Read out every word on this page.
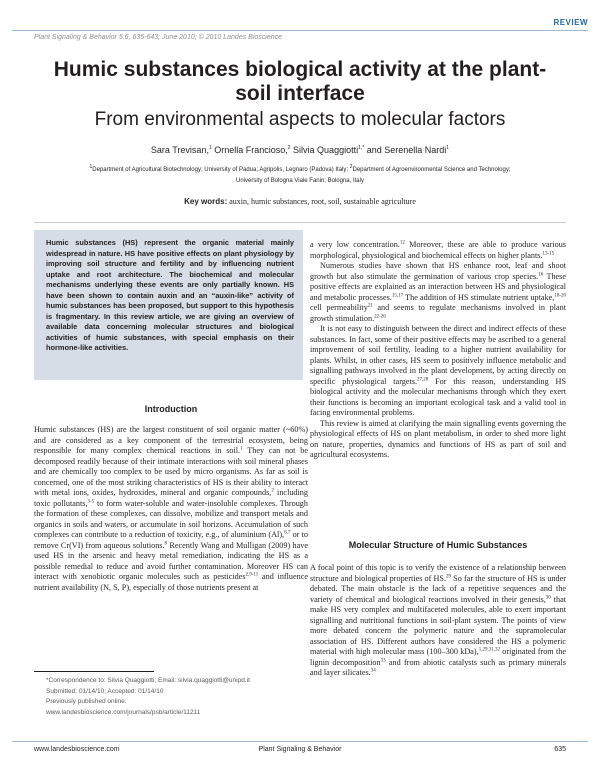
REVIEW
Plant Signaling & Behavior 5:6, 635-643; June 2010; © 2010 Landes Bioscience
Humic substances biological activity at the plant-soil interface
From environmental aspects to molecular factors
Sara Trevisan,$^1$ Ornella Francioso,$^2$ Silvia Quaggiotti$^{1,*}$ and Serenella Nardi$^1$
$^1$Department of Agricultural Biotechnology; University of Padua; Agripolis, Legnaro (Padova) Italy; $^2$Department of Agroenvironmental Science and Technology;
University of Bologna Viale Fanin; Bologna, Italy
Key words: auxin, humic substances, root, soil, sustainable agriculture
Humic substances (HS) represent the organic material mainly widespread in nature. HS have positive effects on plant physiology by improving soil structure and fertility and by influencing nutrient uptake and root architecture. The biochemical and molecular mechanisms underlying these events are only partially known. HS have been shown to contain auxin and an “auxin-like” activity of humic substances has been proposed, but support to this hypothesis is fragmentary. In this review article, we are giving an overview of available data concerning molecular structures and biological activities of humic substances, with special emphasis on their hormone-like activities.
Introduction

Humic substances (HS) are the largest constituent of soil organic matter (~60%) and are considered as a key component of the terrestrial ecosystem, being responsible for many complex chemical reactions in soil.$^1$ They can not be decomposed readily because of their intimate interactions with soil mineral phases and are chemically too complex to be used by micro organisms. As far as soil is concerned, one of the most striking characteristics of HS is their ability to interact with metal ions, oxides, hydroxides, mineral and organic compounds,$^2$ including toxic pollutants,$^{3-5}$ to form water-soluble and water-insoluble complexes. Through the formation of these complexes, can dissolve, mobilize and transport metals and organics in soils and waters, or accumulate in soil horizons. Accumulation of such complexes can contribute to a reduction of toxicity, e.g., of aluminium (Al),$^{6,7}$ or to remove Cr(VI) from aqueous solutions.$^8$ Recently Wang and Mulligan (2009) have used HS in the arsenic and heavy metal remediation, indicating the HS as a possible remedial to reduce and avoid further contamination. Moreover HS can interact with xenobiotic organic molecules such as pesticides$^{2,9-11}$ and influence nutrient availability (N, S, P), especially of those nutrients present at

a very low concentration.$^{12}$ Moreover, these are able to produce various morphological, physiological and biochemical effects on higher plants.$^{13-15}$

Numerous studies have shown that HS enhance root, leaf and shoot growth but also stimulate the germination of various crop species.$^{16}$ These positive effects are explained as an interaction between HS and physiological and metabolic processes.$^{15,17}$ The addition of HS stimulate nutrient uptake,$^{18-20}$ cell permeability$^{21}$ and seems to regulate mechanisms involved in plant growth stimulation.$^{22-26}$

It is not easy to distinguish between the direct and indirect effects of these substances. In fact, some of their positive effects may be ascribed to a general improvement of soil fertility, leading to a higher nutrient availability for plants. Whilst, in other cases, HS seem to positively influence metabolic and signalling pathways involved in the plant development, by acting directly on specific physiological targets.$^{27,28}$ For this reason, understanding HS biological activity and the molecular mechanisms through which they exert their functions is becoming an important ecological task and a valid tool in facing environmental problems.

This review is aimed at clarifying the main signalling events governing the physiological effects of HS on plant metabolism, in order to shed more light on nature, properties, dynamics and functions of HS as part of soil and agricultural ecosystems.

Molecular Structure of Humic Substances

A focal point of this topic is to verify the existence of a relationship between structure and biological properties of HS.$^{29}$ So far the structure of HS is under debated. The main obstacle is the lack of a repetitive sequences and the variety of chemical and biological reactions involved in their genesis,$^{30}$ that make HS very complex and multifaceted molecules, able to exert important signalling and nutritional functions in soil-plant system. The points of view more debated concern the polymeric nature and the supramolecular association of HS. Different authors have considered the HS a polymeric material with high molecular mass (100–300 kDa),$^{1,29,31,32}$ originated from the lignin decomposition$^{33}$ and from abiotic catalysts such as primary minerals and layer silicates.$^{34}$

*Correspondence to: Silvia Quaggiotti; Email: silvia.quaggiotti@unipd.it
Submitted: 01/14/10; Accepted: 01/14/10
Previously published online:
www.landesbioscience.com/journals/psb/article/11211
www.landesbioscience.com	Plant Signaling & Behavior	635
